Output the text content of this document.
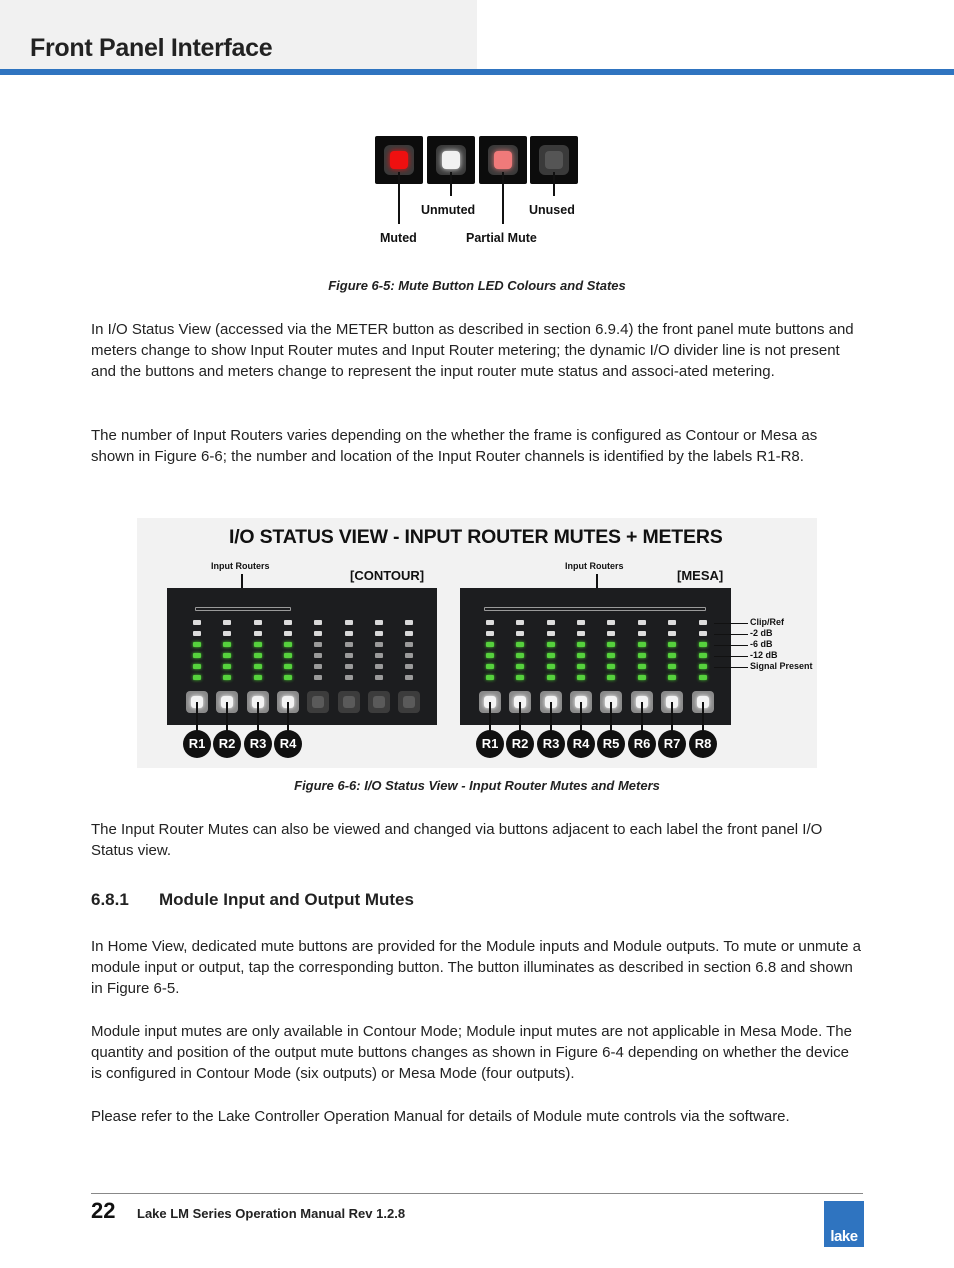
Front Panel Interface
Muted
Unmuted
Partial Mute
Unused
Figure 6-5: Mute Button LED Colours and States

In I/O Status View (accessed via the METER button as described in section 6.9.4) the front panel mute buttons and meters change to show Input Router mutes and Input Router metering; the dynamic I/O divider line is not present and the buttons and meters change to represent the input router mute status and associ-ated metering.

The number of Input Routers varies depending on the whether the frame is configured as Contour or Mesa as shown in Figure 6-6; the number and location of the Input Router channels is identified by the labels R1-R8.

I/O STATUS VIEW - INPUT ROUTER MUTES + METERS
Input Routers
[CONTOUR]
Input Routers
[MESA]
Clip/Ref
-2 dB
-6 dB
-12 dB
Signal Present
R1	R2	R3	R4	R1	R2	R3	R4	R5	R6	R7	R8
Figure 6-6: I/O Status View - Input Router Mutes and Meters

The Input Router Mutes can also be viewed and changed via buttons adjacent to each label the front panel I/O Status view.

6.8.1 Module Input and Output Mutes

In Home View, dedicated mute buttons are provided for the Module inputs and Module outputs. To mute or unmute a module input or output, tap the corresponding button. The button illuminates as described in section 6.8 and shown in Figure 6-5.

Module input mutes are only available in Contour Mode; Module input mutes are not applicable in Mesa Mode. The quantity and position of the output mute buttons changes as shown in Figure 6-4 depending on whether the device is configured in Contour Mode (six outputs) or Mesa Mode (four outputs).

Please refer to the Lake Controller Operation Manual for details of Module mute controls via the software.

22 Lake LM Series Operation Manual Rev 1.2.8
lake
